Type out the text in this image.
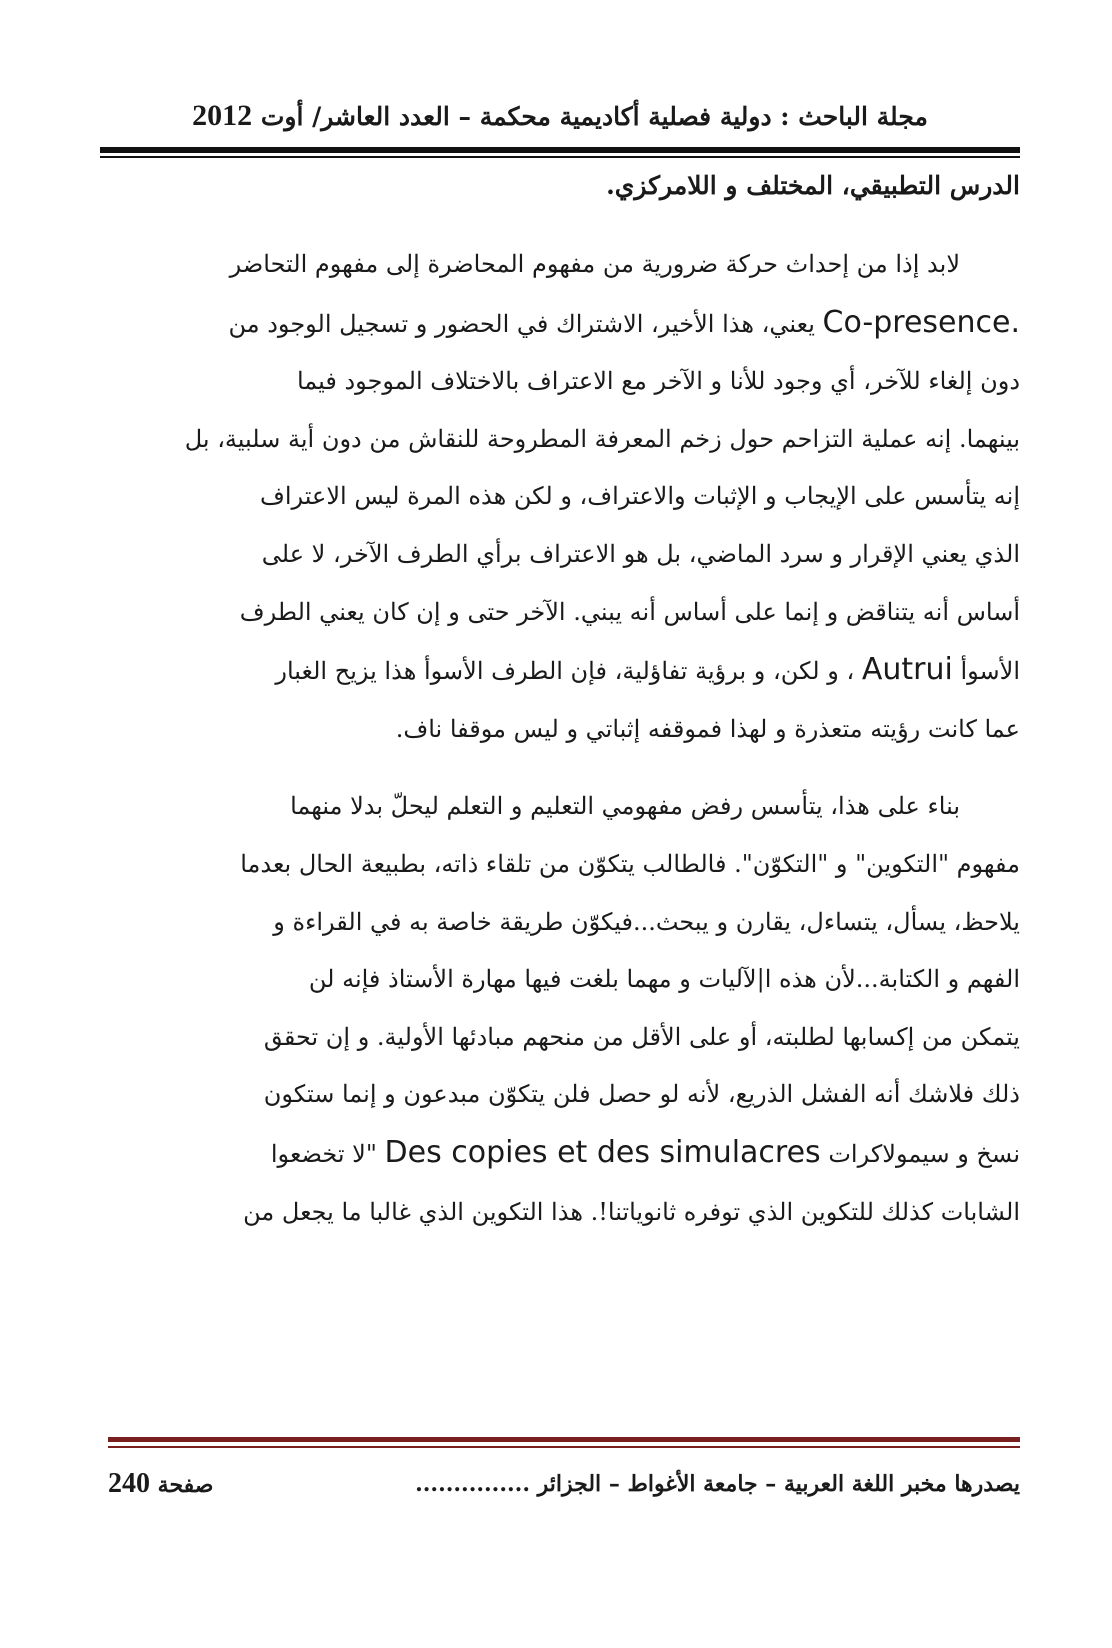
مجلة الباحث : دولية فصلية أكاديمية محكمة – العدد العاشر/ أوت 2012

الدرس التطبيقي، المختلف و اللامركزي.

لابد إذا من إحداث حركة ضرورية من مفهوم المحاضرة إلى مفهوم التحاضر
Co-presence. يعني، هذا الأخير، الاشتراك في الحضور و تسجيل الوجود من
دون إلغاء للآخر، أي وجود للأنا و الآخر مع الاعتراف بالاختلاف الموجود فيما
بينهما. إنه عملية التزاحم حول زخم المعرفة المطروحة للنقاش من دون أية سلبية، بل
إنه يتأسس على الإيجاب و الإثبات والاعتراف، و لكن هذه المرة ليس الاعتراف
الذي يعني الإقرار و سرد الماضي، بل هو الاعتراف برأي الطرف الآخر، لا على
أساس أنه يتناقض و إنما على أساس أنه يبني. الآخر حتى و إن كان يعني الطرف
الأسوأ Autrui ، و لكن، و برؤية تفاؤلية، فإن الطرف الأسوأ هذا يزيح الغبار
عما كانت رؤيته متعذرة و لهذا فموقفه إثباتي و ليس موقفا ناف.

بناء على هذا، يتأسس رفض مفهومي التعليم و التعلم ليحلّ بدلا منهما
مفهوم "التكوين" و "التكوّن". فالطالب يتكوّن من تلقاء ذاته، بطبيعة الحال بعدما
يلاحظ، يسأل، يتساءل، يقارن و يبحث...فيكوّن طريقة خاصة به في القراءة و
الفهم و الكتابة...لأن هذه ا|لآليات و مهما بلغت فيها مهارة الأستاذ فإنه لن
يتمكن من إكسابها لطلبته، أو على الأقل من منحهم مبادئها الأولية. و إن تحقق
ذلك فلاشك أنه الفشل الذريع، لأنه لو حصل فلن يتكوّن مبدعون و إنما ستكون
نسخ و سيمولاكرات Des copies et des simulacres "لا تخضعوا
الشابات كذلك للتكوين الذي توفره ثانوياتنا!. هذا التكوين الذي غالبا ما يجعل من

يصدرها مخبر اللغة العربية – جامعة الأغواط – الجزائر ...............
صفحة 240
